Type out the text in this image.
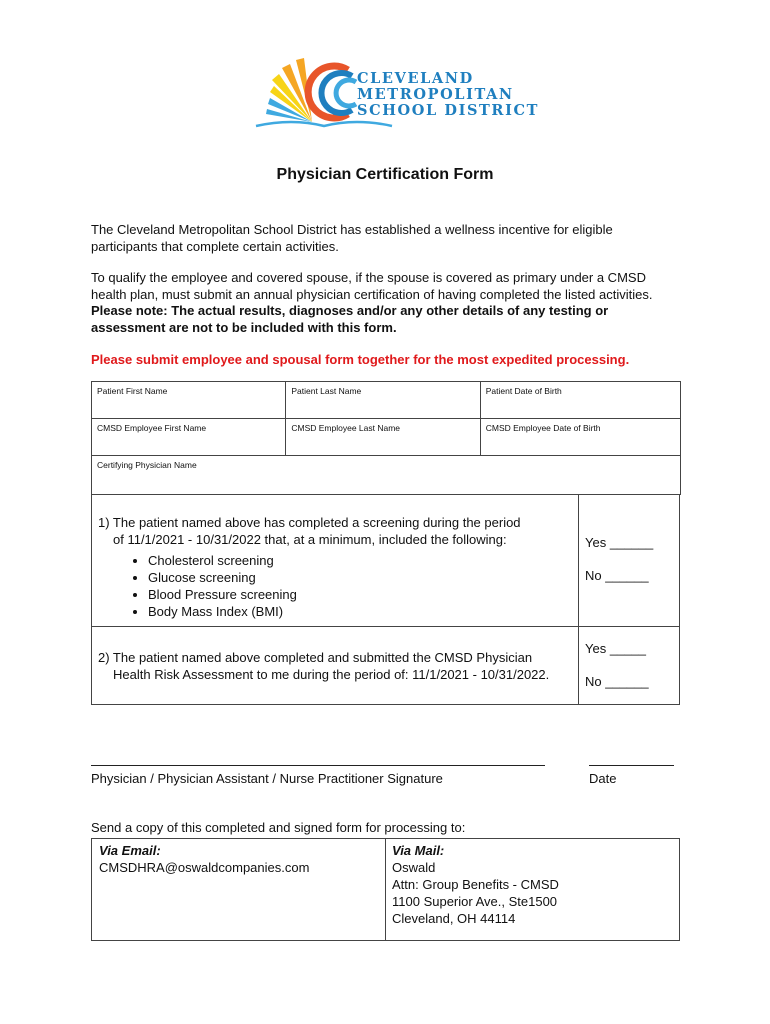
CLEVELAND
METROPOLITAN
SCHOOL DISTRICT
Physician Certification Form

The Cleveland Metropolitan School District has established a wellness incentive for eligible participants that complete certain activities.

To qualify the employee and covered spouse, if the spouse is covered as primary under a CMSD health plan, must submit an annual physician certification of having completed the listed activities. Please note: The actual results, diagnoses and/or any other details of any testing or assessment are not to be included with this form.

Please submit employee and spousal form together for the most expedited processing.

Patient First Name	Patient Last Name	Patient Date of Birth
CMSD Employee First Name	CMSD Employee Last Name	CMSD Employee Date of Birth
Certifying Physician Name		
1) The patient named above has completed a screening during the period
of 11/1/2021 - 10/31/2022 that, at a minimum, included the following:
• Cholesterol screening
• Glucose screening
• Blood Pressure screening
• Body Mass Index (BMI)
Yes ______
No ______
2) The patient named above completed and submitted the CMSD Physician
Health Risk Assessment to me during the period of: 11/1/2021 - 10/31/2022.
Yes _____
No ______
Physician / Physician Assistant / Nurse Practitioner Signature	Date
Send a copy of this completed and signed form for processing to:
Via Email:
CMSDHRA@oswaldcompanies.com
Via Mail:
Oswald
Attn: Group Benefits - CMSD
1100 Superior Ave., Ste1500
Cleveland, OH 44114
